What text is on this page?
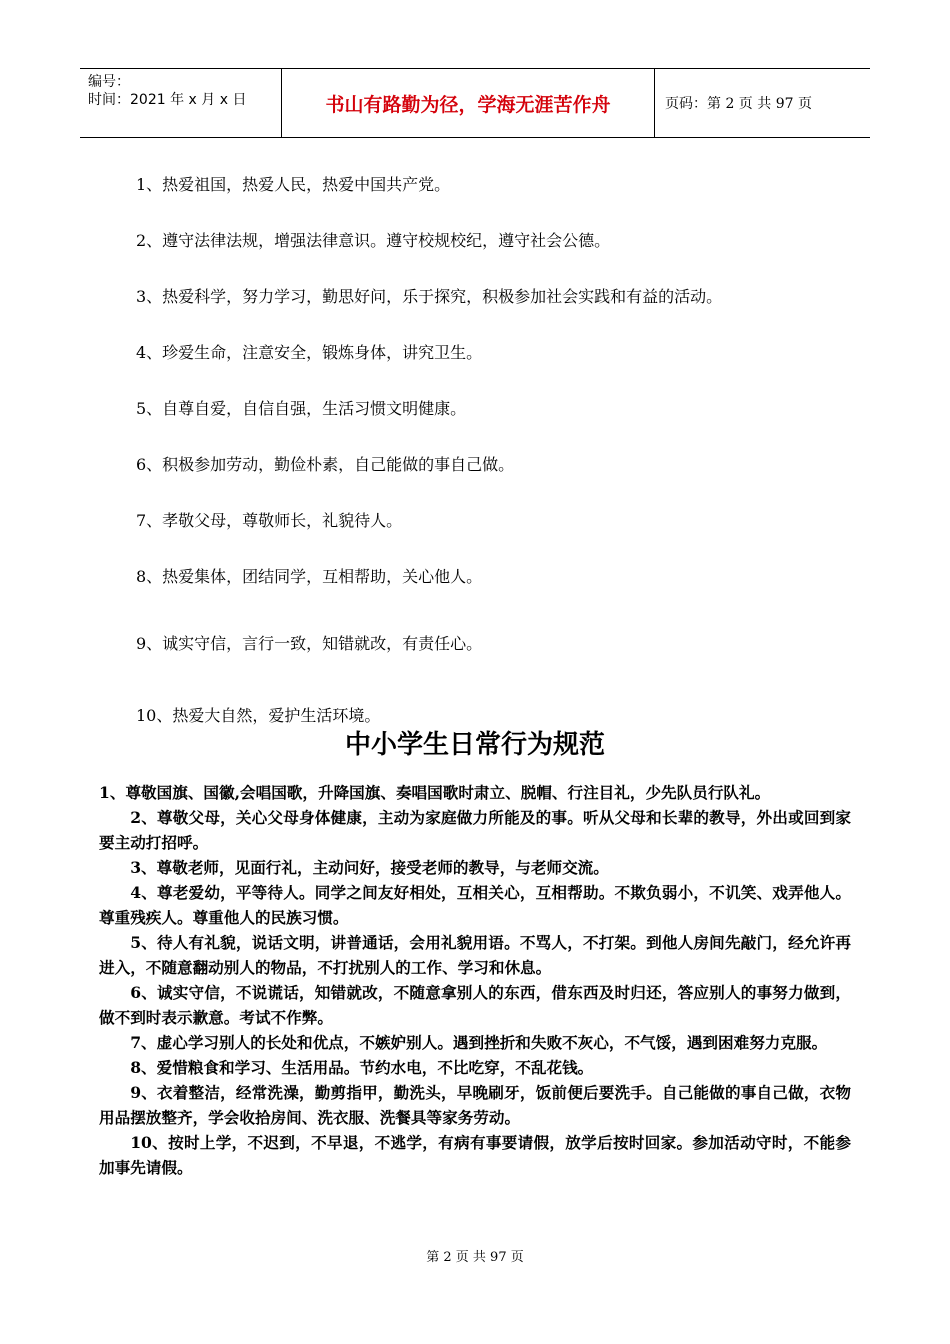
编号：
时间：2021 年 x 月 x 日	书山有路勤为径，学海无涯苦作舟	页码：第 2 页 共 97 页
1、热爱祖国，热爱人民，热爱中国共产党。
2、遵守法律法规，增强法律意识。遵守校规校纪，遵守社会公德。
3、热爱科学，努力学习，勤思好问，乐于探究，积极参加社会实践和有益的活动。
4、珍爱生命，注意安全，锻炼身体，讲究卫生。
5、自尊自爱，自信自强，生活习惯文明健康。
6、积极参加劳动，勤俭朴素，自己能做的事自己做。
7、孝敬父母，尊敬师长，礼貌待人。
8、热爱集体，团结同学，互相帮助，关心他人。
9、诚实守信，言行一致，知错就改，有责任心。
10、热爱大自然，爱护生活环境。
中小学生日常行为规范

1、尊敬国旗、国徽,会唱国歌，升降国旗、奏唱国歌时肃立、脱帽、行注目礼，少先队员行队礼。

2、尊敬父母，关心父母身体健康，主动为家庭做力所能及的事。听从父母和长辈的教导，外出或回到家要主动打招呼。

3、尊敬老师，见面行礼，主动问好，接受老师的教导，与老师交流。

4、尊老爱幼，平等待人。同学之间友好相处，互相关心，互相帮助。不欺负弱小，不讥笑、戏弄他人。尊重残疾人。尊重他人的民族习惯。

5、待人有礼貌，说话文明，讲普通话，会用礼貌用语。不骂人，不打架。到他人房间先敲门，经允许再进入，不随意翻动别人的物品，不打扰别人的工作、学习和休息。

6、诚实守信，不说谎话，知错就改，不随意拿别人的东西，借东西及时归还，答应别人的事努力做到，做不到时表示歉意。考试不作弊。

7、虚心学习别人的长处和优点，不嫉妒别人。遇到挫折和失败不灰心，不气馁，遇到困难努力克服。

8、爱惜粮食和学习、生活用品。节约水电，不比吃穿，不乱花钱。

9、衣着整洁，经常洗澡，勤剪指甲，勤洗头，早晚刷牙，饭前便后要洗手。自己能做的事自己做，衣物用品摆放整齐，学会收拾房间、洗衣服、洗餐具等家务劳动。

10、按时上学，不迟到，不早退，不逃学，有病有事要请假，放学后按时回家。参加活动守时，不能参加事先请假。

第 2 页 共 97 页
